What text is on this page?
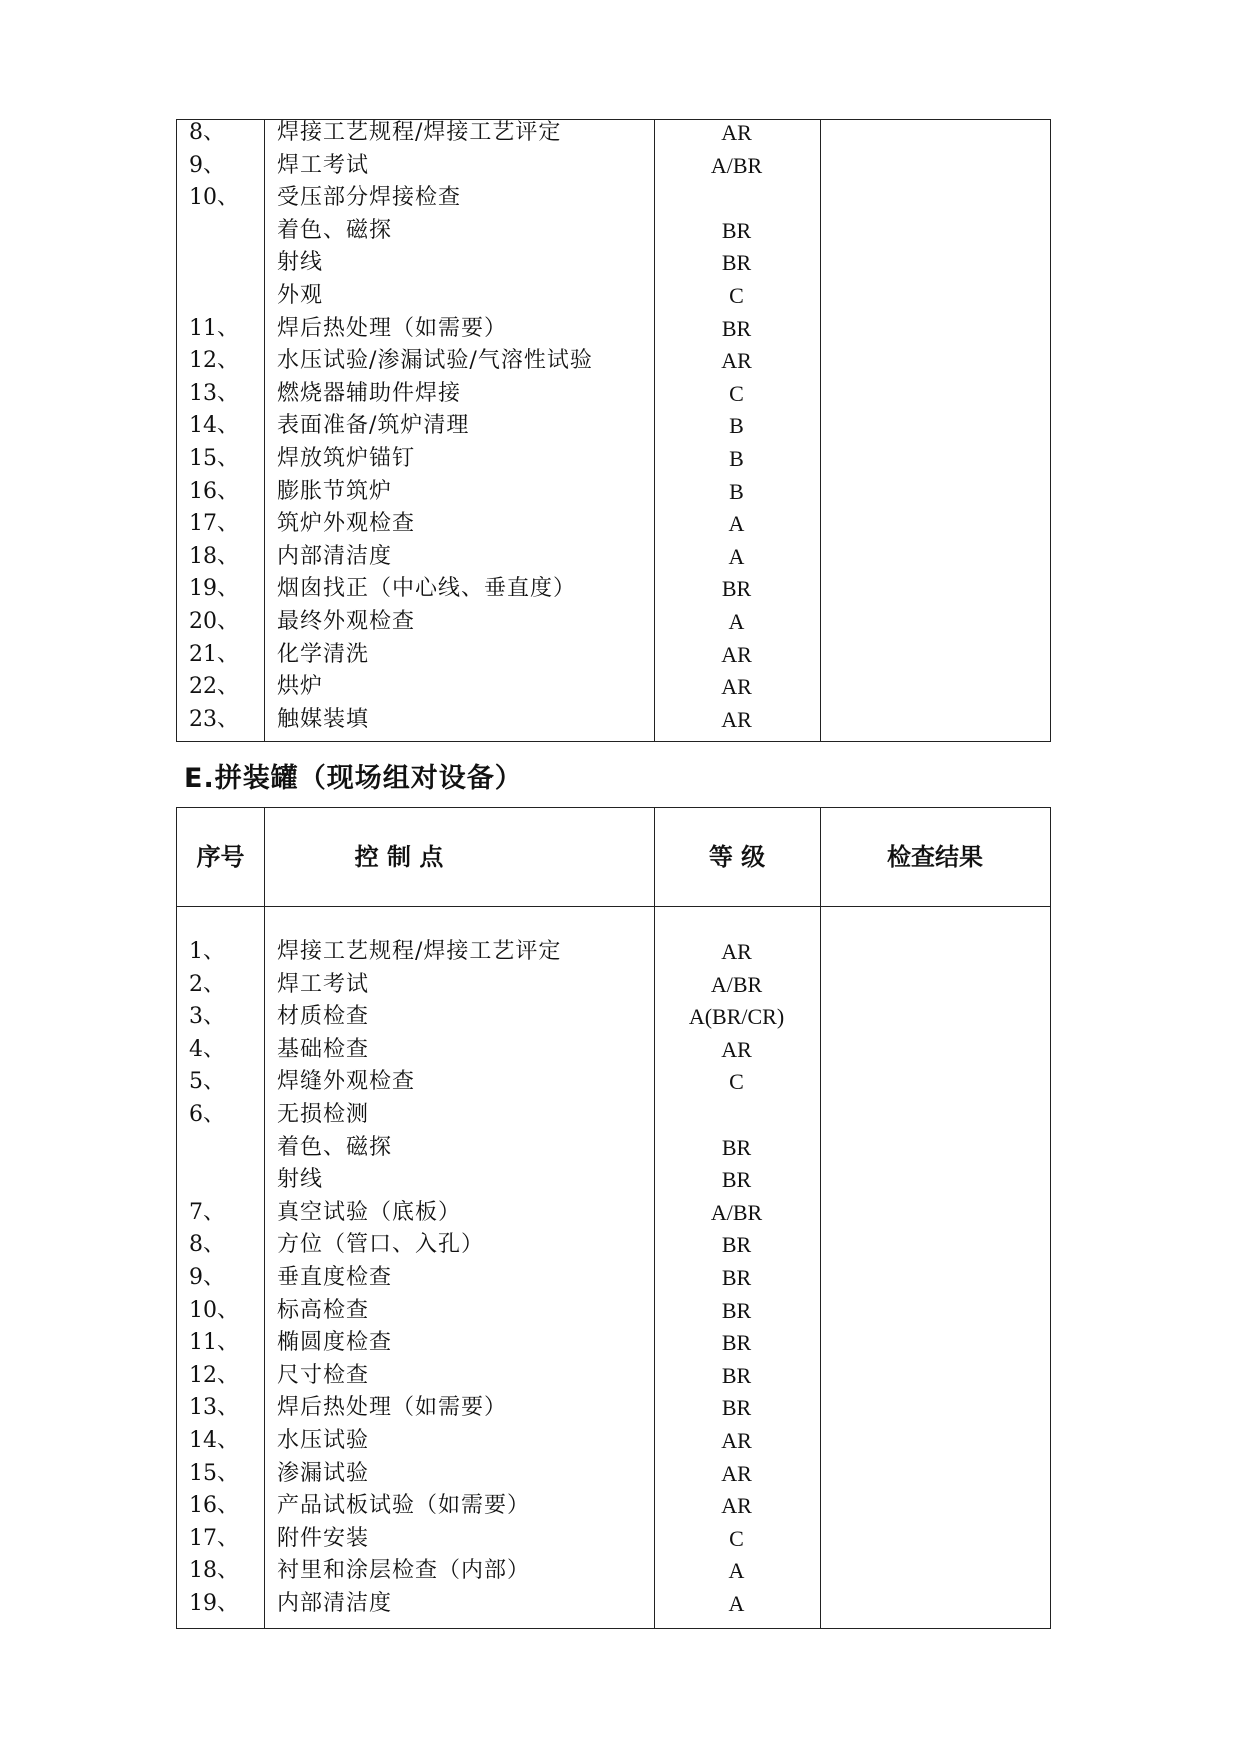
8、 焊接工艺规程/焊接工艺评定	AR
9、 焊工考试	A/BR
10、 受压部分焊接检查
着色、磁探	BR
射线	BR
外观	C
11、 焊后热处理（如需要）	BR
12、 水压试验/渗漏试验/气溶性试验	AR
13、 燃烧器辅助件焊接	C
14、 表面准备/筑炉清理	B
15、 焊放筑炉锚钉	B
16、 膨胀节筑炉	B
17、 筑炉外观检查	A
18、 内部清洁度	A
19、 烟囱找正（中心线、垂直度）	BR
20、 最终外观检查	A
21、 化学清洗	AR
22、 烘炉	AR
23、 触媒装填	AR
E.拼装罐（现场组对设备）
序号	控 制 点	等 级	检查结果
1、 焊接工艺规程/焊接工艺评定	AR
2、 焊工考试	A/BR
3、 材质检查	A(BR/CR)
4、 基础检查	AR
5、 焊缝外观检查	C
6、 无损检测
着色、磁探	BR
射线	BR
7、 真空试验（底板）	A/BR
8、 方位（管口、入孔）	BR
9、 垂直度检查	BR
10、 标高检查	BR
11、 椭圆度检查	BR
12、 尺寸检查	BR
13、 焊后热处理（如需要）	BR
14、 水压试验	AR
15、 渗漏试验	AR
16、 产品试板试验（如需要）	AR
17、 附件安装	C
18、 衬里和涂层检查（内部）	A
19、 内部清洁度	A
